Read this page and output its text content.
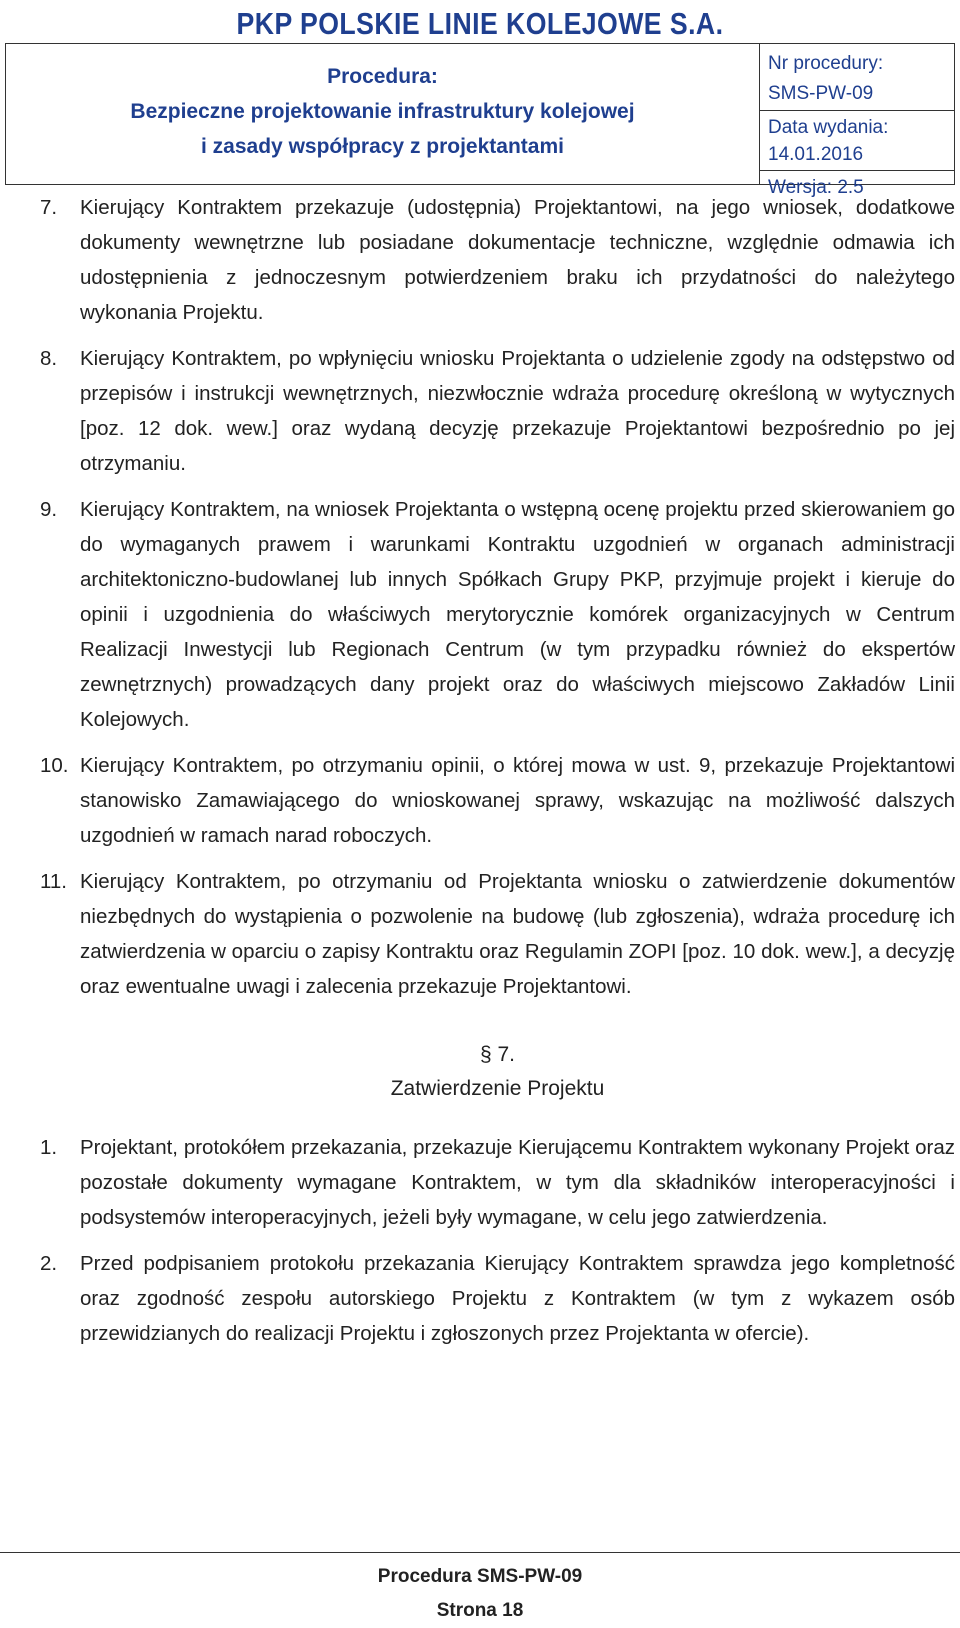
PKP POLSKIE LINIE KOLEJOWE S.A.
Procedura:
Bezpieczne projektowanie infrastruktury kolejowej
i zasady współpracy z projektantami
Nr procedury:
SMS-PW-09
Data wydania:
14.01.2016
Wersja: 2.5
7.	Kierujący Kontraktem przekazuje (udostępnia) Projektantowi, na jego wniosek, dodatkowe dokumenty wewnętrzne lub posiadane dokumentacje techniczne, względnie odmawia ich udostępnienia z jednoczesnym potwierdzeniem braku ich przydatności do należytego wykonania Projektu.
8.	Kierujący Kontraktem, po wpłynięciu wniosku Projektanta o udzielenie zgody na odstępstwo od przepisów i instrukcji wewnętrznych, niezwłocznie wdraża procedurę określoną w wytycznych [poz. 12 dok. wew.] oraz wydaną decyzję przekazuje Projektantowi bezpośrednio po jej otrzymaniu.
9.	Kierujący Kontraktem, na wniosek Projektanta o wstępną ocenę projektu przed skierowaniem go do wymaganych prawem i warunkami Kontraktu uzgodnień w organach administracji architektoniczno-budowlanej lub innych Spółkach Grupy PKP, przyjmuje projekt i kieruje do opinii i uzgodnienia do właściwych merytorycznie komórek organizacyjnych w Centrum Realizacji Inwestycji lub Regionach Centrum (w tym przypadku również do ekspertów zewnętrznych) prowadzących dany projekt oraz do właściwych miejscowo Zakładów Linii Kolejowych.
10. Kierujący Kontraktem, po otrzymaniu opinii, o której mowa w ust. 9, przekazuje Projektantowi stanowisko Zamawiającego do wnioskowanej sprawy, wskazując na możliwość dalszych uzgodnień w ramach narad roboczych.
11. Kierujący Kontraktem, po otrzymaniu od Projektanta wniosku o zatwierdzenie dokumentów niezbędnych do wystąpienia o pozwolenie na budowę (lub zgłoszenia), wdraża procedurę ich zatwierdzenia w oparciu o zapisy Kontraktu oraz Regulamin ZOPI [poz. 10 dok. wew.], a decyzję oraz ewentualne uwagi i zalecenia przekazuje Projektantowi.
§ 7.
Zatwierdzenie Projektu
1.	Projektant, protokółem przekazania, przekazuje Kierującemu Kontraktem wykonany Projekt oraz pozostałe dokumenty wymagane Kontraktem, w tym dla składników interoperacyjności i podsystemów interoperacyjnych, jeżeli były wymagane, w celu jego zatwierdzenia.
2.	Przed podpisaniem protokołu przekazania Kierujący Kontraktem sprawdza jego kompletność oraz zgodność zespołu autorskiego Projektu z Kontraktem (w tym z wykazem osób przewidzianych do realizacji Projektu i zgłoszonych przez Projektanta w ofercie).
Procedura SMS-PW-09
Strona 18
